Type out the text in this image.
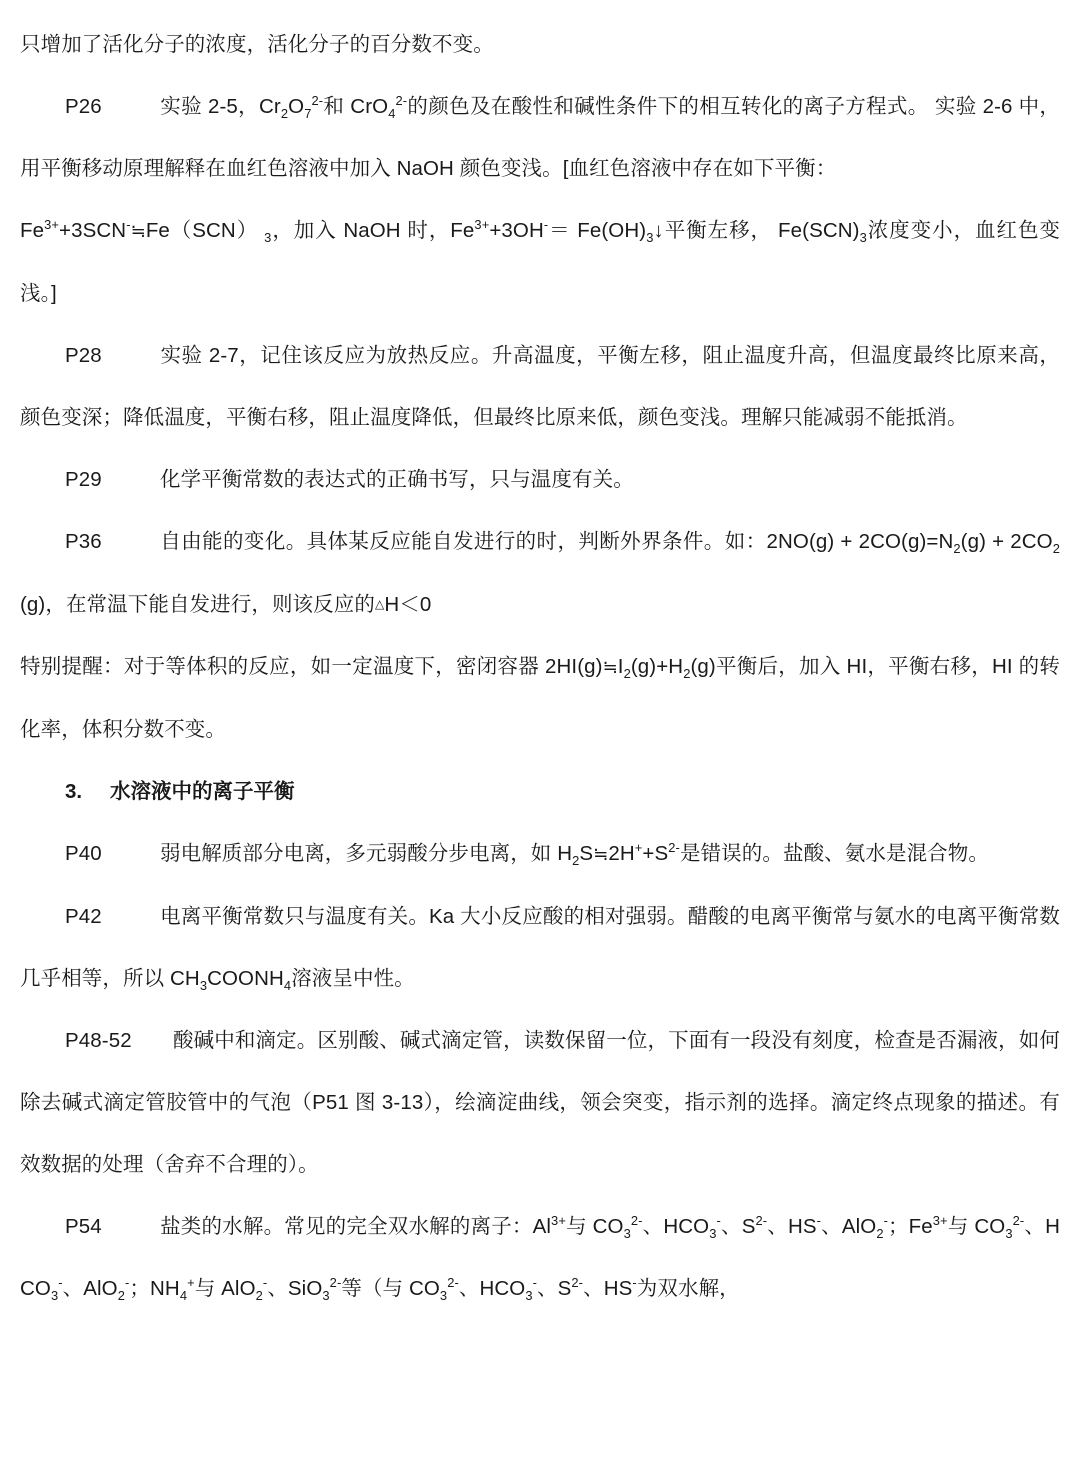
只增加了活化分子的浓度，活化分子的百分数不变。

P26	实验 2-5，$Cr_2O_7^{2-}$和 CrO$_4^{2-}$的颜色及在酸性和碱性条件下的相互转化的离子方程式。 实验 2-6 中，用平衡移动原理解释在血红色溶液中加入 NaOH 颜色变浅。[血红色溶液中存在如下平衡：

$Fe^{3+}+3SCN^-≒Fe(SCN)$ $_3$，加入 NaOH 时，$Fe^{3+}+3OH^-=$ $Fe(OH)_3↓$平衡左移， $Fe(SCN)_3$浓度变小，血红色变浅。]

P28	实验 2-7，记住该反应为放热反应。升高温度，平衡左移，阻止温度升高，但温度最终比原来高，颜色变深；降低温度，平衡右移，阻止温度降低，但最终比原来低，颜色变浅。理解只能减弱不能抵消。

P29	化学平衡常数的表达式的正确书写，只与温度有关。

P36	自由能的变化。具体某反应能自发进行的时，判断外界条件。如：$2NO(g) + 2CO(g)=N_2(g) + 2CO_2(g)$，在常温下能自发进行，则该反应的△H＜0

特别提醒：对于等体积的反应，如一定温度下，密闭容器 $2HI(g)≒I_2(g)+H_2(g)$平衡后，加入 HI，平衡右移，HI 的转化率，体积分数不变。

3. 水溶液中的离子平衡

P40	弱电解质部分电离，多元弱酸分步电离，如 $H_2S≒2H^++S^{2-}$是错误的。盐酸、氨水是混合物。

P42	电离平衡常数只与温度有关。Ka 大小反应酸的相对强弱。醋酸的电离平衡常与氨水的电离平衡常数几乎相等，所以 $CH_3COONH_4$溶液呈中性。

P48-52 酸碱中和滴定。区别酸、碱式滴定管，读数保留一位，下面有一段没有刻度，检查是否漏液，如何除去碱式滴定管胶管中的气泡（P51 图 3-13），绘滴淀曲线，领会突变，指示剂的选择。滴定终点现象的描述。有效数据的处理（舍弃不合理的）。

P54	盐类的水解。常见的完全双水解的离子：$Al^{3+}$与 $CO_3^{2-}$、$HCO_3^-$、$S^{2-}$、HS-、AlO$_2$-；$Fe^{3+}$与 $CO_3^{2-}$、$HCO_3^-$、AlO$_2$-；$NH_4^+$与 AlO$_2$-、SiO$_3^{2-}$等（与 $CO_3^{2-}$、$HCO_3^-$、$S^{2-}$、HS-为双水解，
